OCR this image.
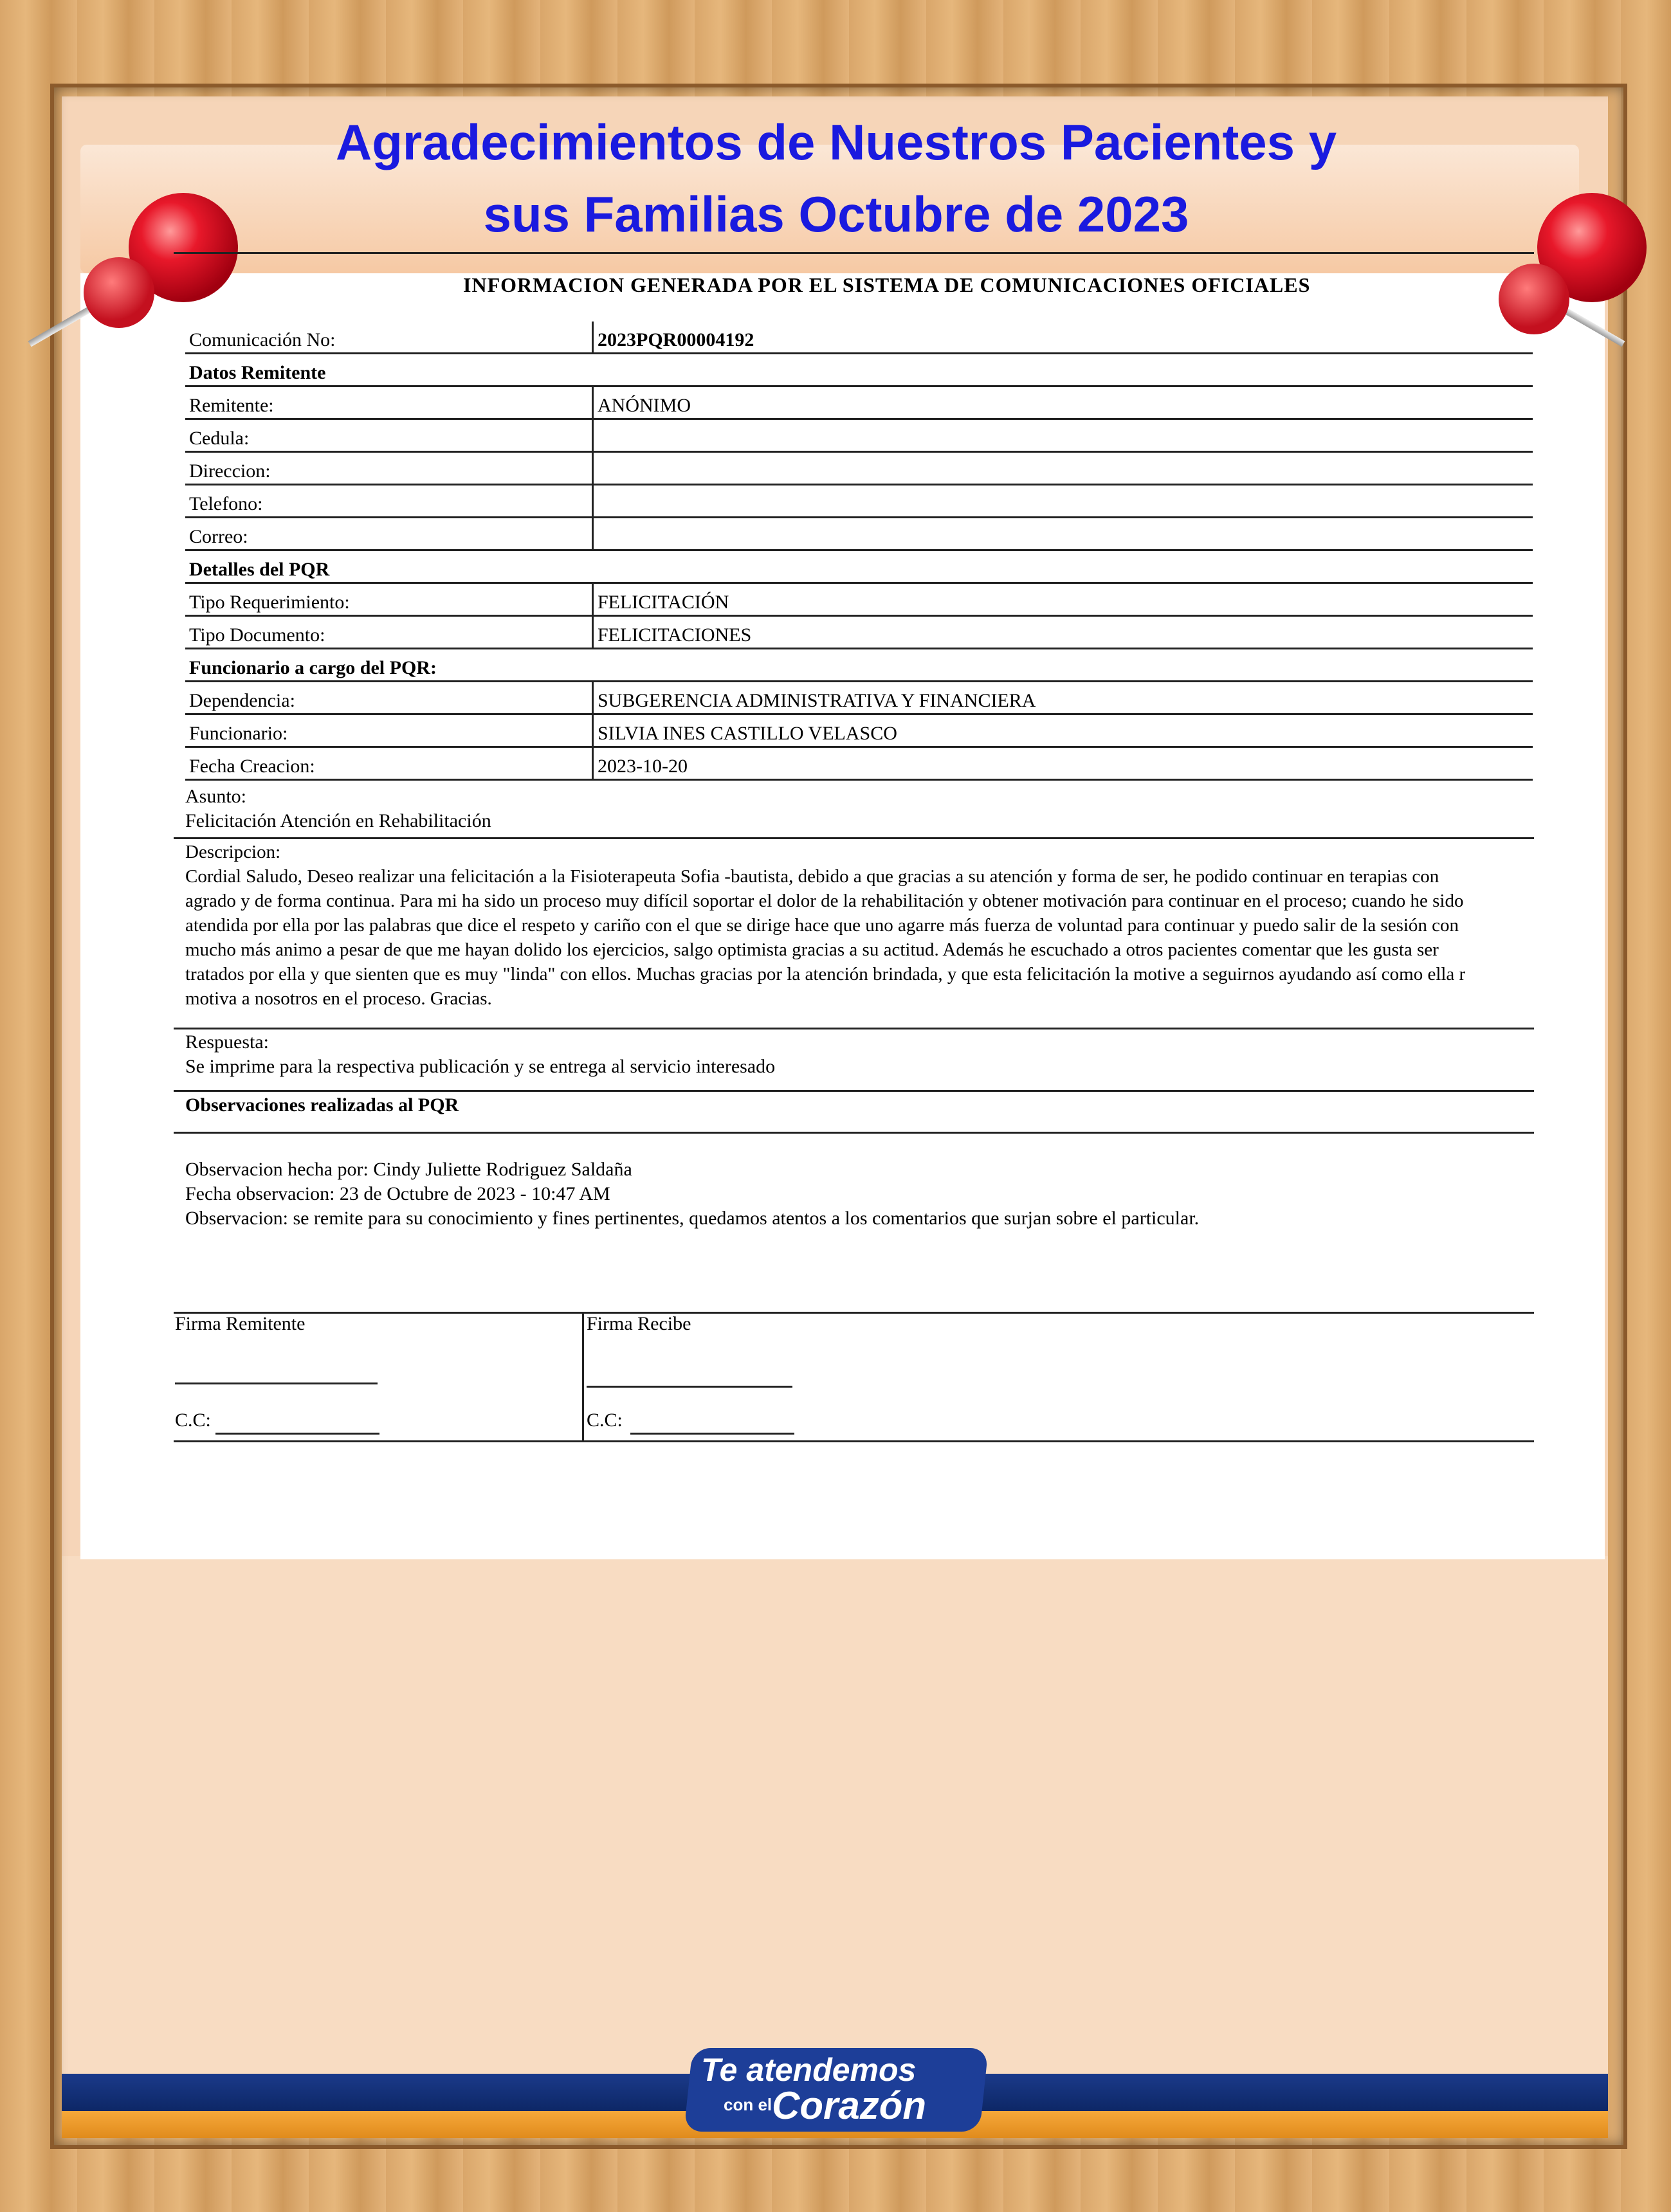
Agradecimientos de Nuestros Pacientes y
sus Familias Octubre de 2023
INFORMACION GENERADA POR EL SISTEMA DE COMUNICACIONES OFICIALES
Comunicación No:	2023PQR00004192
Datos Remitente	
Remitente:	ANÓNIMO
Cedula:	
Direccion:	
Telefono:	
Correo:	
Detalles del PQR	
Tipo Requerimiento:	FELICITACIÓN
Tipo Documento:	FELICITACIONES
Funcionario a cargo del PQR:	
Dependencia:	SUBGERENCIA ADMINISTRATIVA Y FINANCIERA
Funcionario:	SILVIA INES CASTILLO VELASCO
Fecha Creacion:	2023-10-20
Asunto:
Felicitación Atención en Rehabilitación
Descripcion:
Cordial Saludo, Deseo realizar una felicitación a la Fisioterapeuta Sofia -bautista, debido a que gracias a su atención y forma de ser, he podido continuar en terapias con
agrado y de forma continua. Para mi ha sido un proceso muy difícil soportar el dolor de la rehabilitación y obtener motivación para continuar en el proceso; cuando he sido
atendida por ella por las palabras que dice el respeto y cariño con el que se dirige hace que uno agarre más fuerza de voluntad para continuar y puedo salir de la sesión con
mucho más animo a pesar de que me hayan dolido los ejercicios, salgo optimista gracias a su actitud. Además he escuchado a otros pacientes comentar que les gusta ser
tratados por ella y que sienten que es muy "linda" con ellos. Muchas gracias por la atención brindada, y que esta felicitación la motive a seguirnos ayudando así como ella r
motiva a nosotros en el proceso. Gracias.
Respuesta:
Se imprime para la respectiva publicación y se entrega al servicio interesado
Observaciones realizadas al PQR
Observacion hecha por: Cindy Juliette Rodriguez Saldaña
Fecha observacion: 23 de Octubre de 2023 - 10:47 AM
Observacion: se remite para su conocimiento y fines pertinentes, quedamos atentos a los comentarios que surjan sobre el particular.
Firma Remitente	Firma Recibe
C.C:	C.C:
Te atendemos
con el Corazón
